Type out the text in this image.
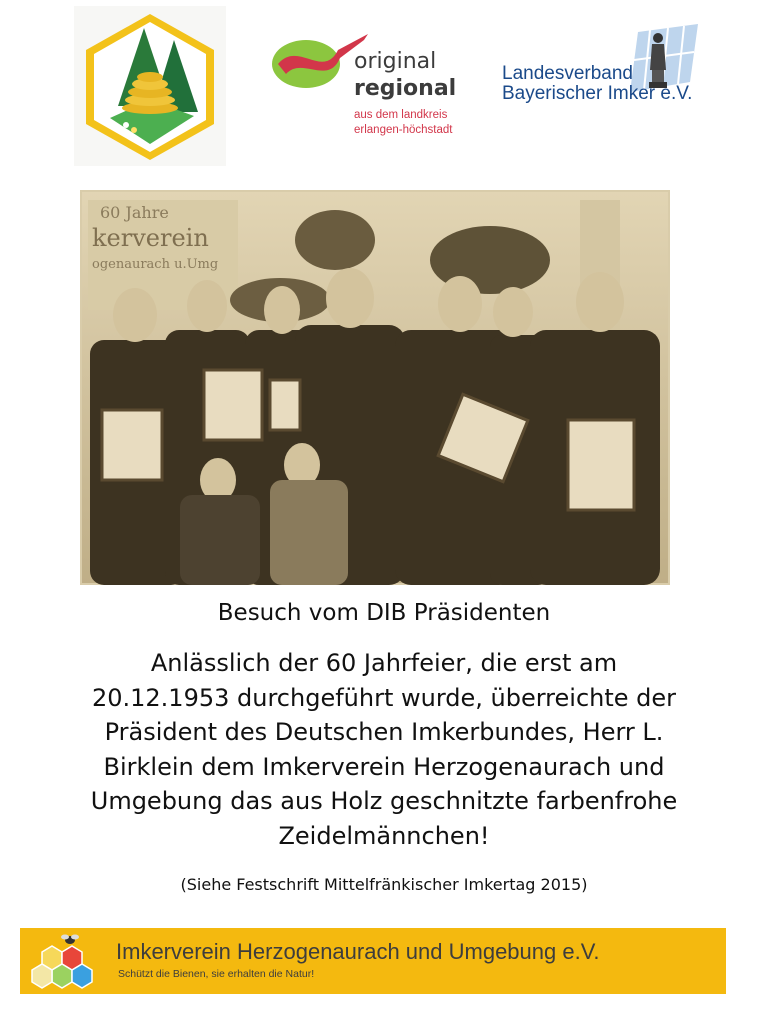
original
regional
aus dem landkreis
erlangen-höchstadt
Landesverband
Bayerischer Imker e.V.
60 Jahre
kerverein
ogenaurach u.Umg
Besuch vom DIB Präsidenten
Anlässlich der 60 Jahrfeier, die erst am
20.12.1953 durchgeführt wurde, überreichte der
Präsident des Deutschen Imkerbundes, Herr L.
Birklein dem Imkerverein Herzogenaurach und
Umgebung das aus Holz geschnitzte farbenfrohe
Zeidelmännchen!
(Siehe Festschrift Mittelfränkischer Imkertag 2015)
Imkerverein Herzogenaurach und Umgebung e.V.
Schützt die Bienen, sie erhalten die Natur!
